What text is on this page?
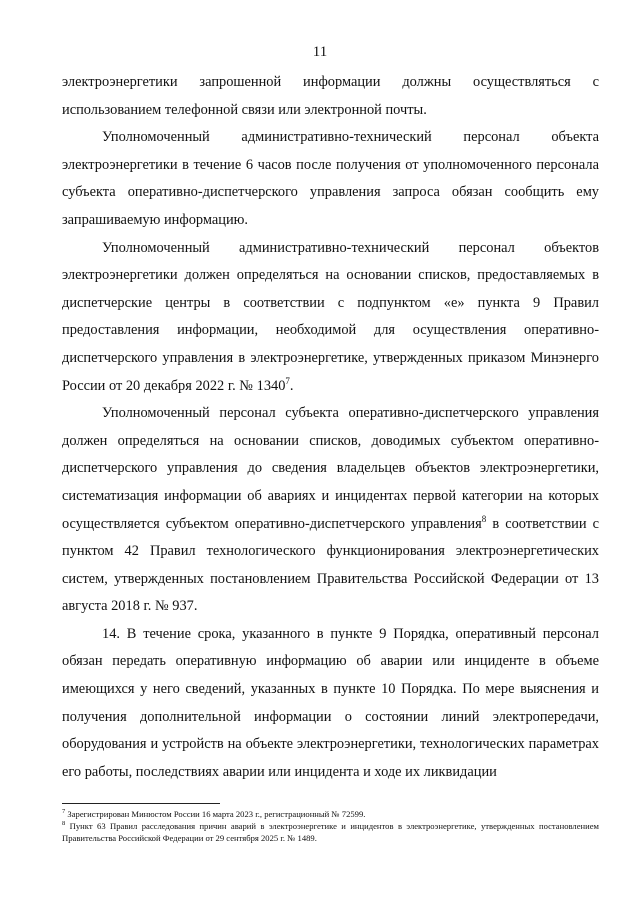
11

электроэнергетики запрошенной информации должны осуществляться с использованием телефонной связи или электронной почты.

Уполномоченный административно-технический персонал объекта электроэнергетики в течение 6 часов после получения от уполномоченного персонала субъекта оперативно-диспетчерского управления запроса обязан сообщить ему запрашиваемую информацию.

Уполномоченный административно-технический персонал объектов электроэнергетики должен определяться на основании списков, предоставляемых в диспетчерские центры в соответствии с подпунктом «е» пункта 9 Правил предоставления информации, необходимой для осуществления оперативно-диспетчерского управления в электроэнергетике, утвержденных приказом Минэнерго России от 20 декабря 2022 г. № 1340$^7$.

Уполномоченный персонал субъекта оперативно-диспетчерского управления должен определяться на основании списков, доводимых субъектом оперативно-диспетчерского управления до сведения владельцев объектов электроэнергетики, систематизация информации об авариях и инцидентах первой категории на которых осуществляется субъектом оперативно-диспетчерского управления$^8$ в соответствии с пунктом 42 Правил технологического функционирования электроэнергетических систем, утвержденных постановлением Правительства Российской Федерации от 13 августа 2018 г. № 937.

14. В течение срока, указанного в пункте 9 Порядка, оперативный персонал обязан передать оперативную информацию об аварии или инциденте в объеме имеющихся у него сведений, указанных в пункте 10 Порядка. По мере выяснения и получения дополнительной информации о состоянии линий электропередачи, оборудования и устройств на объекте электроэнергетики, технологических параметрах его работы, последствиях аварии или инцидента и ходе их ликвидации

$^7$ Зарегистрирован Минюстом России 16 марта 2023 г., регистрационный № 72599.

$^8$ Пункт 63 Правил расследования причин аварий в электроэнергетике и инцидентов в электроэнергетике, утвержденных постановлением Правительства Российской Федерации от 29 сентября 2025 г. № 1489.
